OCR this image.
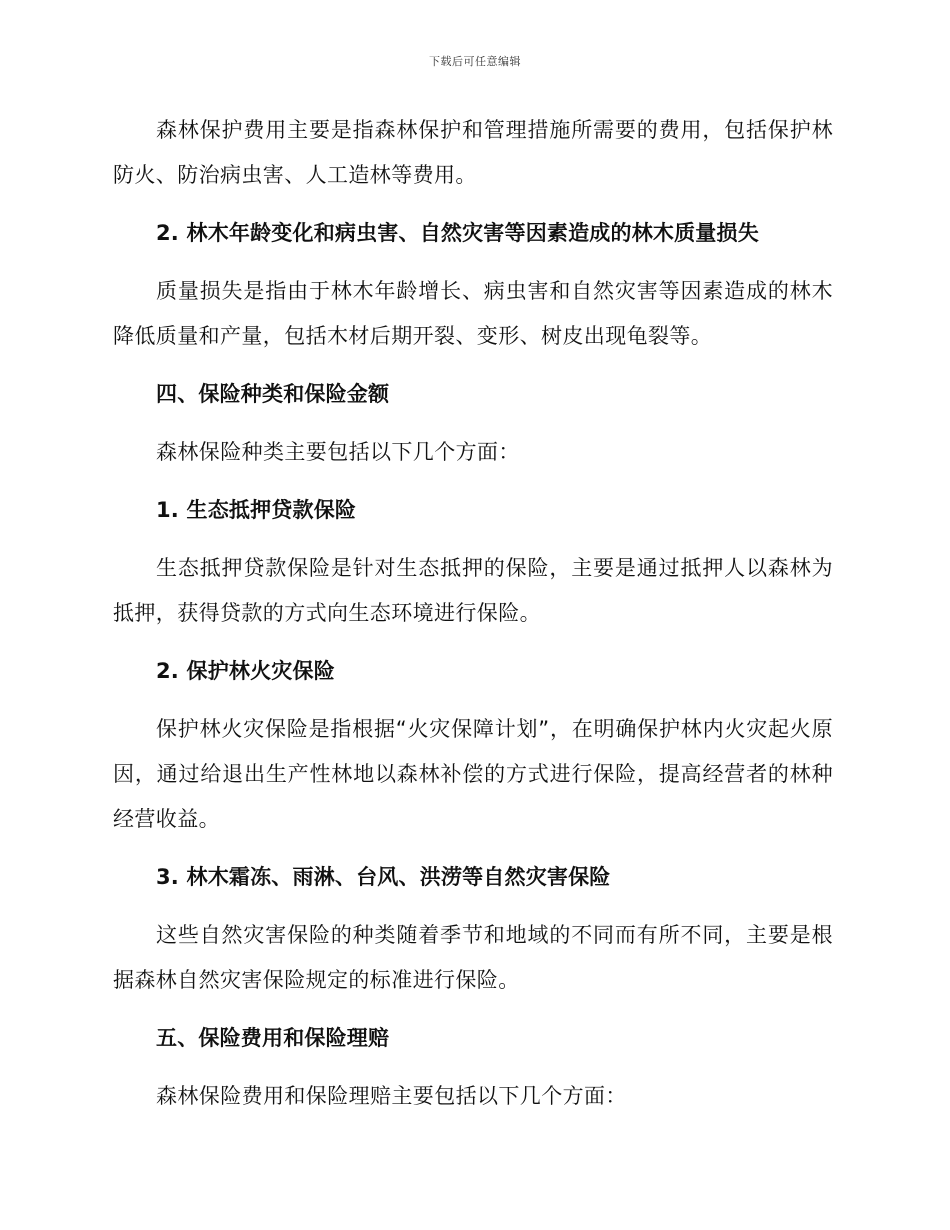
下载后可任意编辑

森林保护费用主要是指森林保护和管理措施所需要的费用，包括保护林防火、防治病虫害、人工造林等费用。

2. 林木年龄变化和病虫害、自然灾害等因素造成的林木质量损失

质量损失是指由于林木年龄增长、病虫害和自然灾害等因素造成的林木降低质量和产量，包括木材后期开裂、变形、树皮出现龟裂等。

四、保险种类和保险金额

森林保险种类主要包括以下几个方面：

1. 生态抵押贷款保险

生态抵押贷款保险是针对生态抵押的保险，主要是通过抵押人以森林为抵押，获得贷款的方式向生态环境进行保险。

2. 保护林火灾保险

保护林火灾保险是指根据“火灾保障计划”，在明确保护林内火灾起火原因，通过给退出生产性林地以森林补偿的方式进行保险，提高经营者的林种经营收益。

3. 林木霜冻、雨淋、台风、洪涝等自然灾害保险

这些自然灾害保险的种类随着季节和地域的不同而有所不同，主要是根据森林自然灾害保险规定的标准进行保险。

五、保险费用和保险理赔

森林保险费用和保险理赔主要包括以下几个方面：
